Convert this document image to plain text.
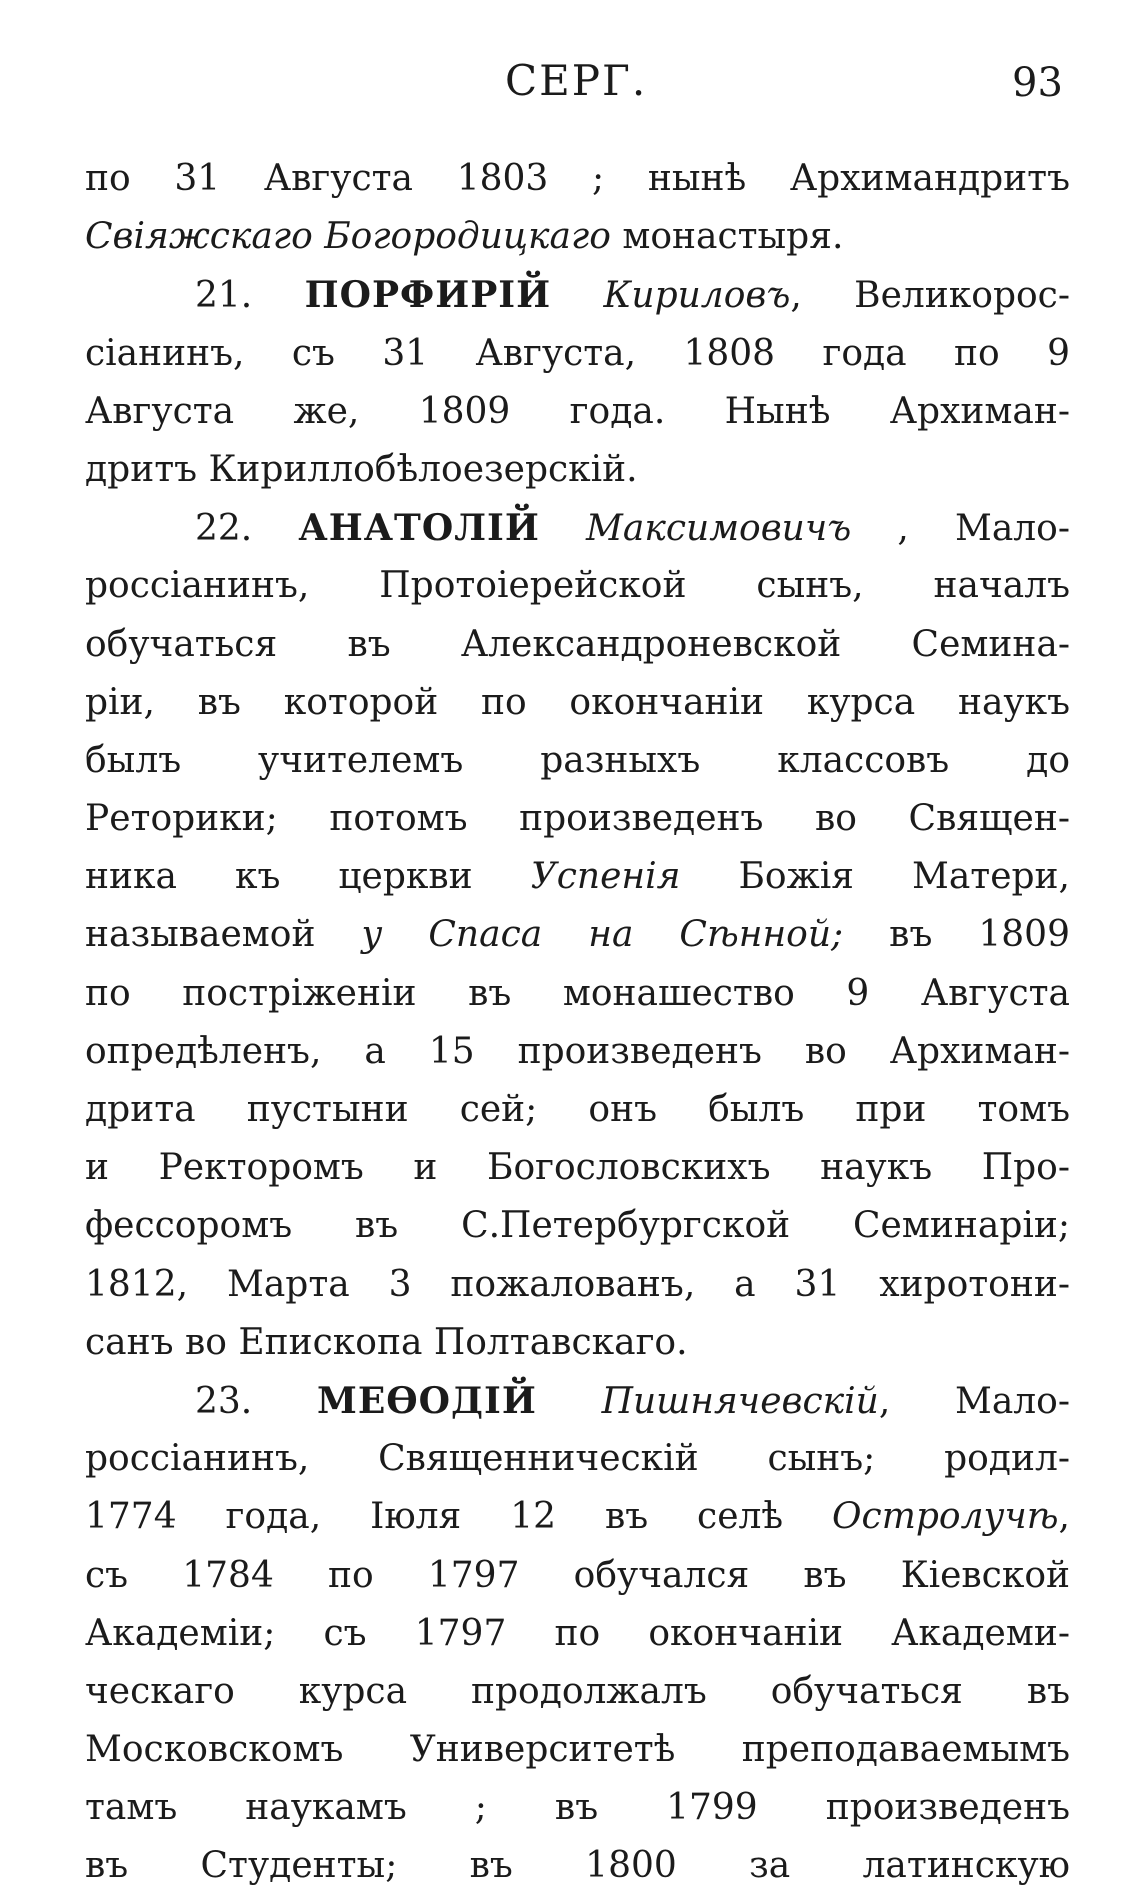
СЕРГ.	93
по 31 Августа 1803 ; нынѣ Архимандритъ
Свіяжскаго Богородицкаго монастыря.
21. ПОРФИРІЙ Кириловъ, Великорос-
сіанинъ, съ 31 Августа, 1808 года по 9
Августа же, 1809 года. Нынѣ Архиман-
дритъ Кириллобѣлоезерскій.
22. АНАТОЛІЙ Максимовичъ , Мало-
россіанинъ, Протоіерейской сынъ, началъ
обучаться въ Александроневской Семина-
ріи, въ которой по окончаніи курса наукъ
былъ учителемъ разныхъ классовъ до
Реторики; потомъ произведенъ во Священ-
ника къ церкви Успенія Божія Матери,
называемой у Спаса на Сѣнной; въ 1809
по пострiженіи въ монашество 9 Августа
опредѣленъ, а 15 произведенъ во Архиман-
дрита пустыни сей; онъ былъ при томъ
и Ректоромъ и Богословскихъ наукъ Про-
фессоромъ въ С.Петербургской Семинаріи;
1812, Марта 3 пожалованъ, а 31 хиротони-
санъ во Епископа Полтавскаго.
23. МЕѲОДІЙ Пишнячевскій, Мало-
россіанинъ, Священническій сынъ; родил-
1774 года, Іюля 12 въ селѣ Остролучѣ,
съ 1784 по 1797 обучался въ Кіевской
Академіи; съ 1797 по окончаніи Академи-
ческаго курса продолжалъ обучаться въ
Московскомъ Университетѣ преподаваемымъ
тамъ наукамъ ; въ 1799 произведенъ
въ Студенты; въ 1800 за латинскую
